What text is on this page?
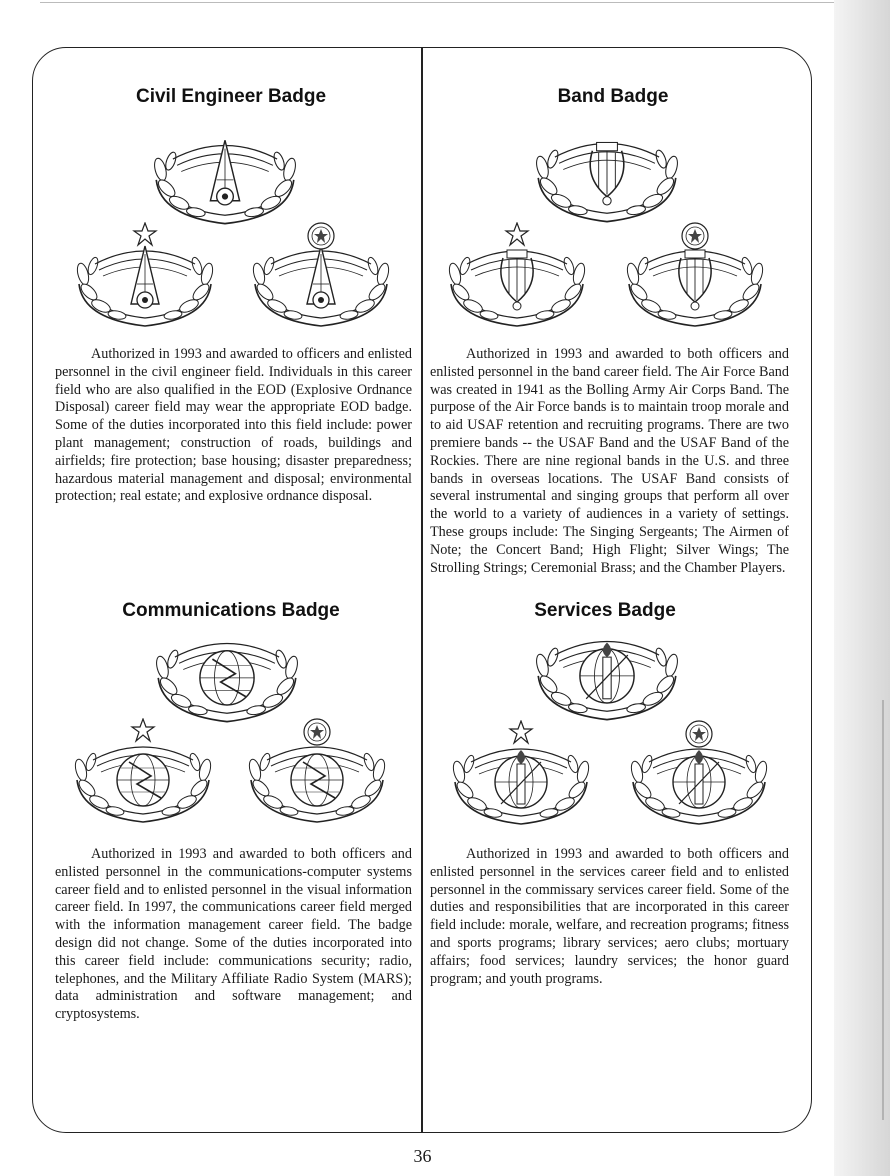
Civil Engineer Badge
Authorized in 1993 and awarded to officers and enlisted personnel in the civil engineer field. Individuals in this career field who are also qualified in the EOD (Explosive Ordnance Disposal) career field may wear the appropriate EOD badge. Some of the duties incorporated into this field include: power plant management; construction of roads, buildings and airfields; fire protection; base housing; disaster preparedness; hazardous material management and disposal; environmental protection; real estate; and explosive ordnance disposal.
Band Badge
Authorized in 1993 and awarded to both officers and enlisted personnel in the band career field. The Air Force Band was created in 1941 as the Bolling Army Air Corps Band. The purpose of the Air Force bands is to maintain troop morale and to aid USAF retention and recruiting programs. There are two premiere bands -- the USAF Band and the USAF Band of the Rockies. There are nine regional bands in the U.S. and three bands in overseas locations. The USAF Band consists of several instrumental and singing groups that perform all over the world to a variety of audiences in a variety of settings. These groups include: The Singing Sergeants; The Airmen of Note; the Concert Band; High Flight; Silver Wings; The Strolling Strings; Ceremonial Brass; and the Chamber Players.
Communications Badge
Authorized in 1993 and awarded to both officers and enlisted personnel in the communications-computer systems career field and to enlisted personnel in the visual information career field. In 1997, the communications career field merged with the information management career field. The badge design did not change. Some of the duties incorporated into this career field include: communications security; radio, telephones, and the Military Affiliate Radio System (MARS); data administration and software management; and cryptosystems.
Services Badge
Authorized in 1993 and awarded to both officers and enlisted personnel in the services career field and to enlisted personnel in the commissary services career field. Some of the duties and responsibilities that are incorporated in this career field include: morale, welfare, and recreation programs; fitness and sports programs; library services; aero clubs; mortuary affairs; food services; laundry services; the honor guard program; and youth programs.
36
